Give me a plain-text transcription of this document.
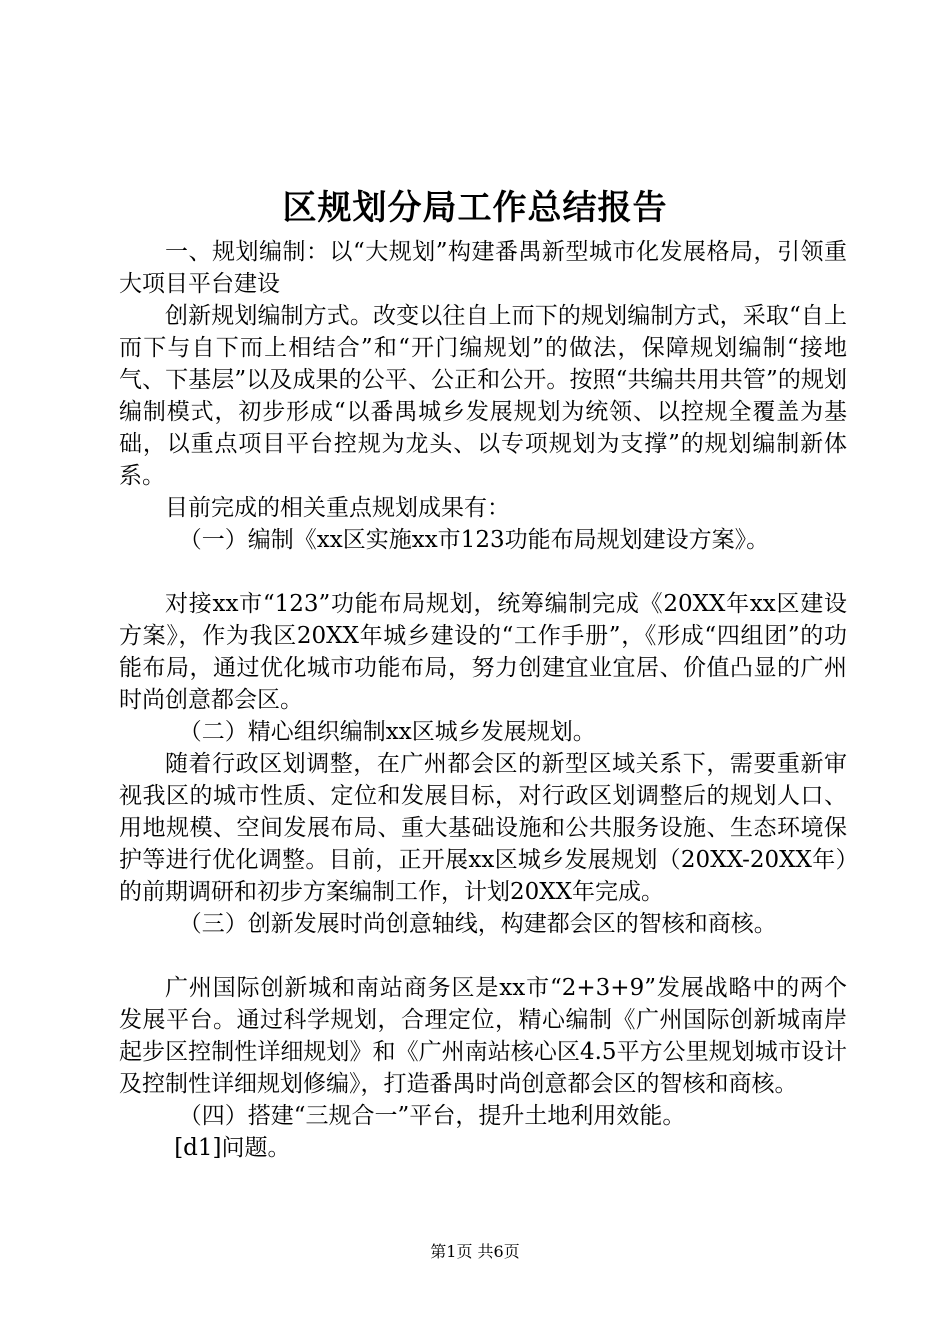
区规划分局工作总结报告

一、规划编制：以“大规划”构建番禺新型城市化发展格局，引领重大项目平台建设

创新规划编制方式。改变以往自上而下的规划编制方式，采取“自上而下与自下而上相结合”和“开门编规划”的做法，保障规划编制“接地气、下基层”以及成果的公平、公正和公开。按照“共编共用共管”的规划编制模式，初步形成“以番禺城乡发展规划为统领、以控规全覆盖为基础，以重点项目平台控规为龙头、以专项规划为支撑”的规划编制新体系。

目前完成的相关重点规划成果有：

（一）编制《xx区实施xx市123功能布局规划建设方案》。

对接xx市“123”功能布局规划，统筹编制完成《20XX年xx区建设方案》，作为我区20XX年城乡建设的“工作手册”，《形成“四组团”的功能布局，通过优化城市功能布局，努力创建宜业宜居、价值凸显的广州时尚创意都会区。

（二）精心组织编制xx区城乡发展规划。

随着行政区划调整，在广州都会区的新型区域关系下，需要重新审视我区的城市性质、定位和发展目标，对行政区划调整后的规划人口、用地规模、空间发展布局、重大基础设施和公共服务设施、生态环境保护等进行优化调整。目前，正开展xx区城乡发展规划（20XX-20XX年）的前期调研和初步方案编制工作，计划20XX年完成。

（三）创新发展时尚创意轴线，构建都会区的智核和商核。

广州国际创新城和南站商务区是xx市“2+3+9”发展战略中的两个发展平台。通过科学规划，合理定位，精心编制《广州国际创新城南岸起步区控制性详细规划》和《广州南站核心区4.5平方公里规划城市设计及控制性详细规划修编》，打造番禺时尚创意都会区的智核和商核。

（四）搭建“三规合一”平台，提升土地利用效能。

[d1]问题。

第1页 共6页
